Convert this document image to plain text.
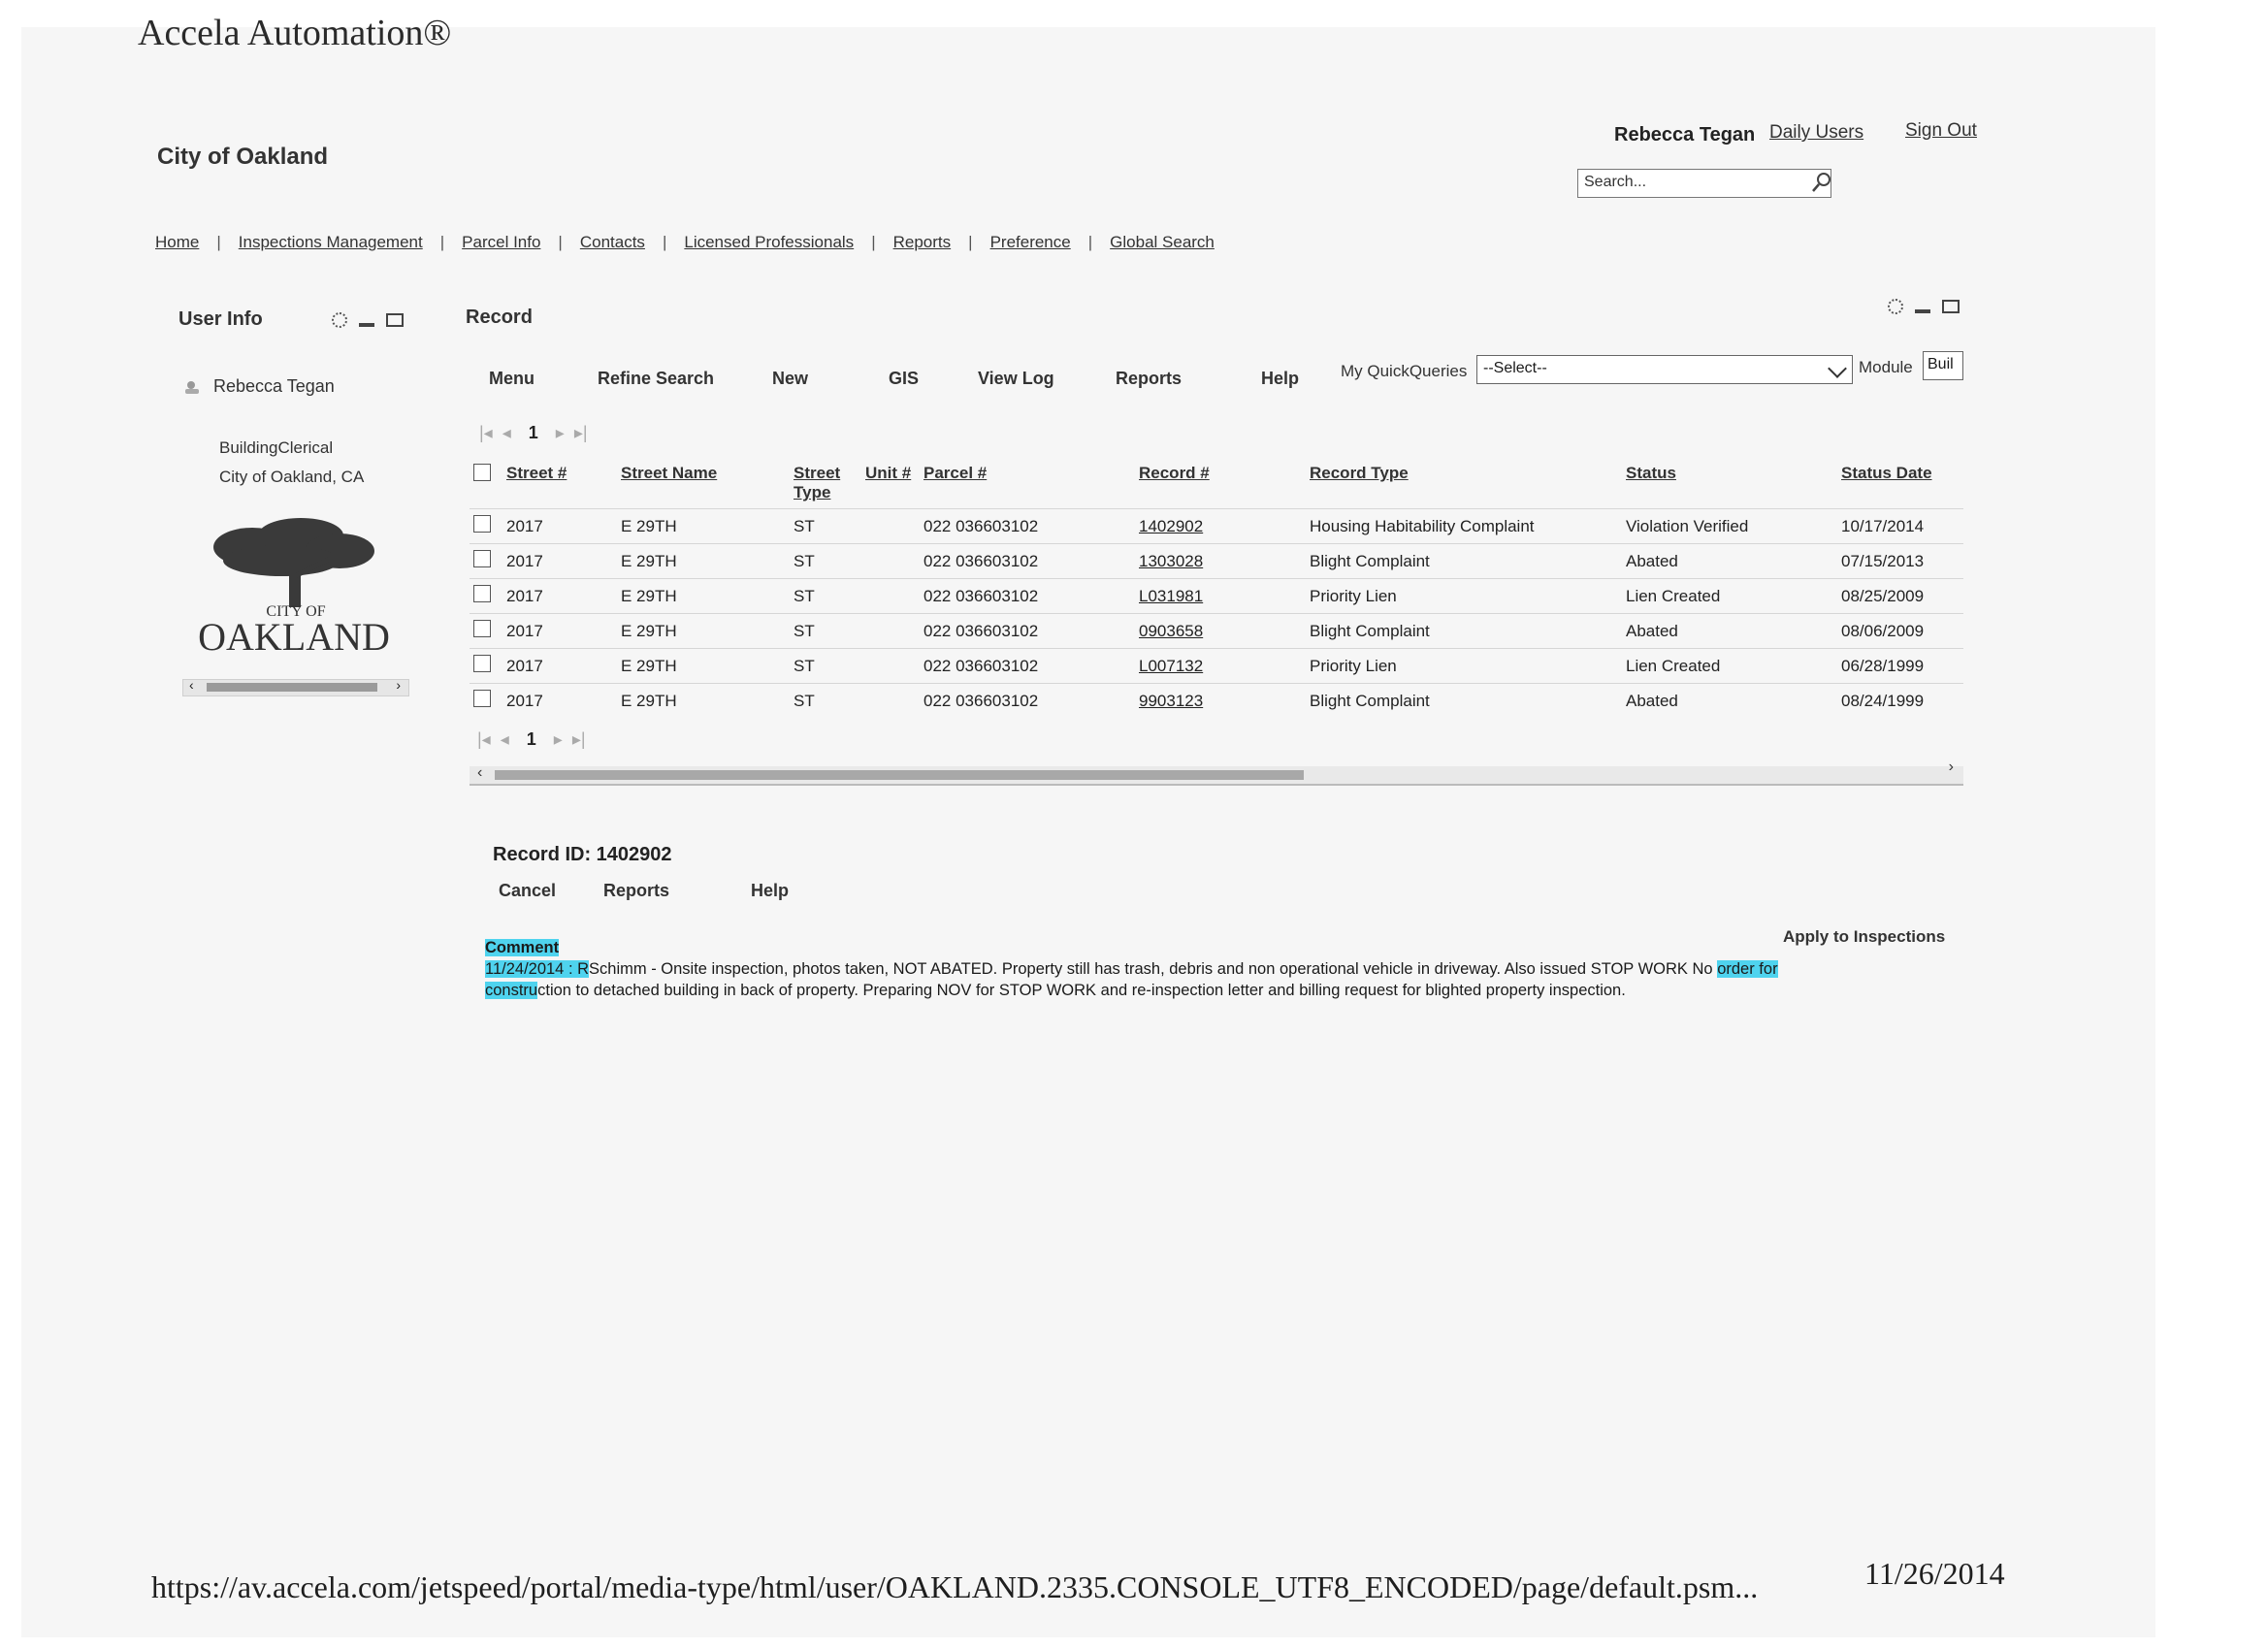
Accela Automation®
City of Oakland
Rebecca Tegan Daily Users Sign Out
Search...
Home | Inspections Management | Parcel Info | Contacts | Licensed Professionals | Reports | Preference | Global Search
User Info
Rebecca Tegan
BuildingClerical
City of Oakland, CA
CITY OF
OAKLAND
‹	›
Record
Menu	Refine Search	New	GIS	View Log	Reports	Help	My QuickQueries	--Select--	Module Buil
|◂ ◂ 1 ▸ ▸|
	Street #	Street Name	Street Type	Unit #	Parcel #	Record #	Record Type	Status	Status Date
	2017	E 29TH	ST		022 036603102	1402902	Housing Habitability Complaint	Violation Verified	10/17/2014
	2017	E 29TH	ST		022 036603102	1303028	Blight Complaint	Abated	07/15/2013
	2017	E 29TH	ST		022 036603102	L031981	Priority Lien	Lien Created	08/25/2009
	2017	E 29TH	ST		022 036603102	0903658	Blight Complaint	Abated	08/06/2009
	2017	E 29TH	ST		022 036603102	L007132	Priority Lien	Lien Created	06/28/1999
	2017	E 29TH	ST		022 036603102	9903123	Blight Complaint	Abated	08/24/1999
|◂ ◂ 1 ▸ ▸|
‹	›
Record ID: 1402902
Cancel	Reports	Help
Apply to Inspections
Comment
11/24/2014 : RSchimm - Onsite inspection, photos taken, NOT ABATED. Property still has trash, debris and non operational vehicle in driveway. Also issued STOP WORK No order for construction to detached building in back of property. Preparing NOV for STOP WORK and re-inspection letter and billing request for blighted property inspection.
https://av.accela.com/jetspeed/portal/media-type/html/user/OAKLAND.2335.CONSOLE_UTF8_ENCODED/page/default.psm...	11/26/2014
